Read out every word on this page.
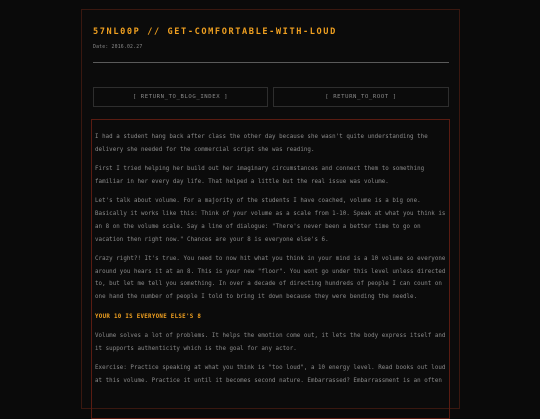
57NL00P // GET-COMFORTABLE-WITH-LOUD
Date: 2016.02.27
[ RETURN_TO_BLOG_INDEX ]	[ RETURN_TO_ROOT ]

I had a student hang back after class the other day because she wasn't quite understanding the delivery she needed for the commercial script she was reading.

First I tried helping her build out her imaginary circumstances and connect them to something familiar in her every day life. That helped a little but the real issue was volume.

Let's talk about volume. For a majority of the students I have coached, volume is a big one. Basically it works like this: Think of your volume as a scale from 1-10. Speak at what you think is an 8 on the volume scale. Say a line of dialogue: "There's never been a better time to go on vacation then right now." Chances are your 8 is everyone else's 6.

Crazy right?! It's true. You need to now hit what you think in your mind is a 10 volume so everyone around you hears it at an 8. This is your new "floor". You wont go under this level unless directed to, but let me tell you something. In over a decade of directing hundreds of people I can count on one hand the number of people I told to bring it down because they were bending the needle.

YOUR 10 IS EVERYONE ELSE'S 8

Volume solves a lot of problems. It helps the emotion come out, it lets the body express itself and it supports authenticity which is the goal for any actor.

Exercise: Practice speaking at what you think is "too loud", a 10 energy level. Read books out loud at this volume. Practice it until it becomes second nature. Embarrassed? Embarrassment is an often
